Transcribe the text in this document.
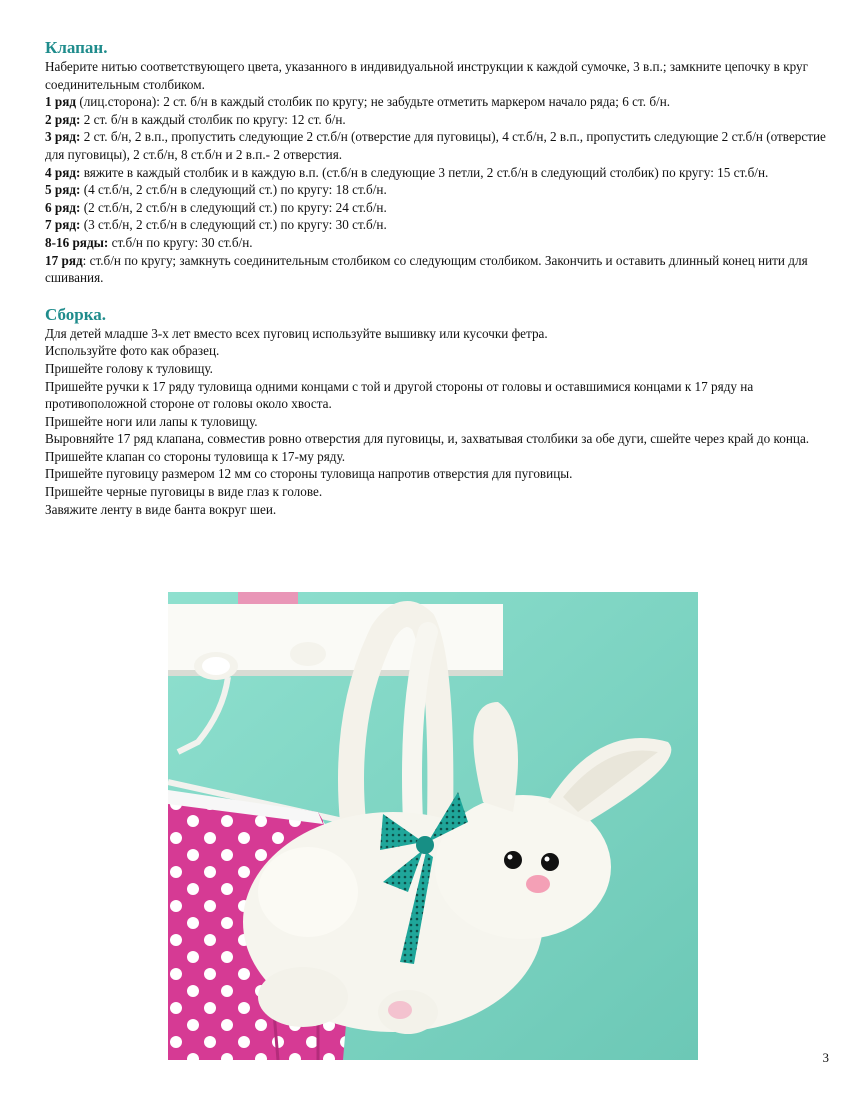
Клапан.

Наберите нитью соответствующего цвета, указанного в индивидуальной инструкции к каждой сумочке, 3 в.п.; замкните цепочку в круг соединительным столбиком.

1 ряд (лиц.сторона): 2 ст. б/н в каждый столбик по кругу; не забудьте отметить маркером начало ряда; 6 ст. б/н.

2 ряд: 2 ст. б/н в каждый столбик по кругу: 12 ст. б/н.

3 ряд: 2 ст. б/н, 2 в.п., пропустить следующие 2 ст.б/н (отверстие для пуговицы), 4 ст.б/н, 2 в.п., пропустить следующие 2 ст.б/н (отверстие для пуговицы), 2 ст.б/н, 8 ст.б/н и 2 в.п.- 2 отверстия.

4 ряд: вяжите в каждый столбик и в каждую в.п. (ст.б/н в следующие 3 петли, 2 ст.б/н в следующий столбик) по кругу: 15 ст.б/н.

5 ряд: (4 ст.б/н, 2 ст.б/н в следующий ст.) по кругу: 18 ст.б/н.

6 ряд: (2 ст.б/н, 2 ст.б/н в следующий ст.) по кругу: 24 ст.б/н.

7 ряд: (3 ст.б/н, 2 ст.б/н в следующий ст.) по кругу: 30 ст.б/н.

8-16 ряды: ст.б/н по кругу: 30 ст.б/н.

17 ряд: ст.б/н по кругу; замкнуть соединительным столбиком со следующим столбиком. Закончить и оставить длинный конец нити для сшивания.

Сборка.

Для детей младше 3-х лет вместо всех пуговиц используйте вышивку или кусочки фетра.

Используйте фото как образец.

Пришейте голову к туловищу.

Пришейте ручки к 17 ряду туловища одними концами с той и другой стороны от головы и оставшимися концами к 17 ряду на противоположной стороне от головы около хвоста.

Пришейте ноги или лапы к туловищу.

Выровняйте 17 ряд клапана, совместив ровно отверстия для пуговицы, и, захватывая столбики за обе дуги, сшейте через край до конца.

Пришейте клапан со стороны туловища к 17-му ряду.

Пришейте пуговицу размером 12 мм со стороны туловища напротив отверстия для пуговицы.

Пришейте черные пуговицы в виде глаз к голове.

Завяжите ленту в виде банта вокруг шеи.

3
